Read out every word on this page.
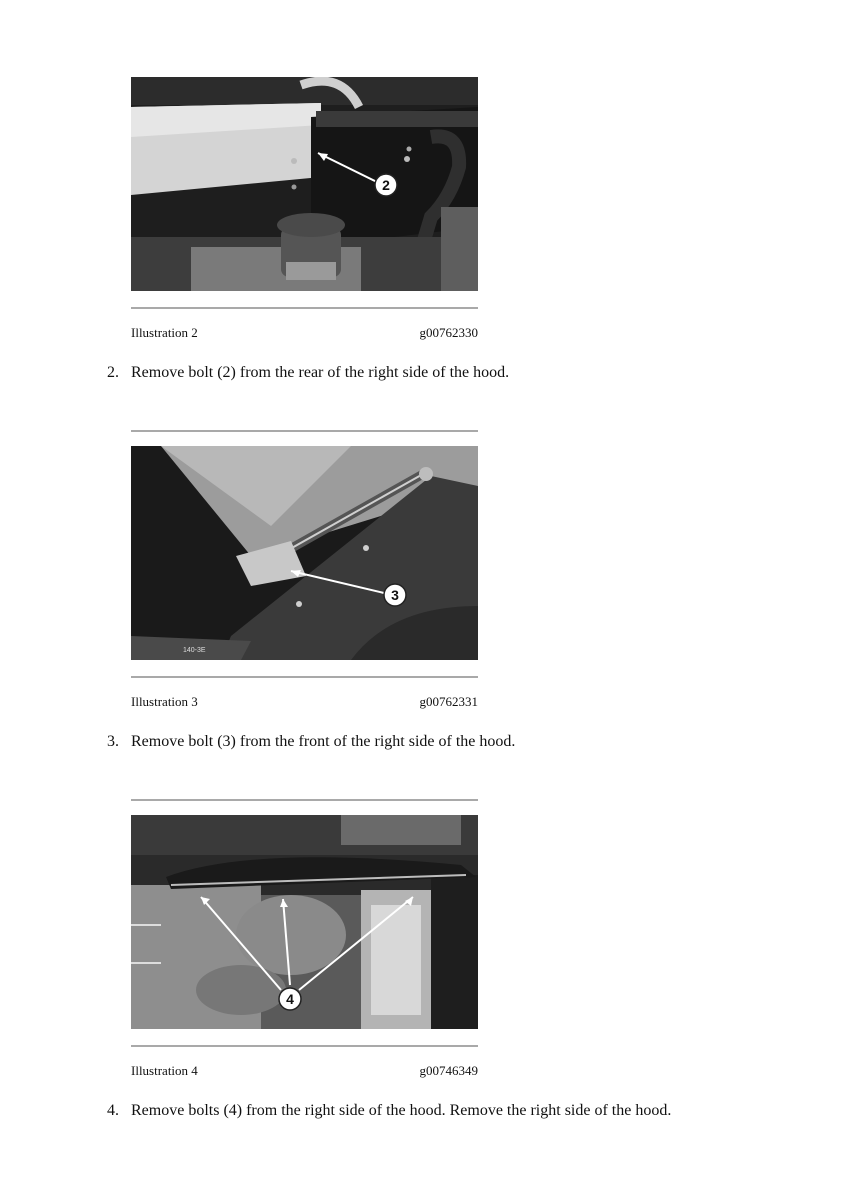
2
Illustration 2	g00762330
2. Remove bolt (2) from the rear of the right side of the hood.
140-3E
3
Illustration 3	g00762331
3. Remove bolt (3) from the front of the right side of the hood.
4
Illustration 4	g00746349
4. Remove bolts (4) from the right side of the hood. Remove the right side of the hood.
